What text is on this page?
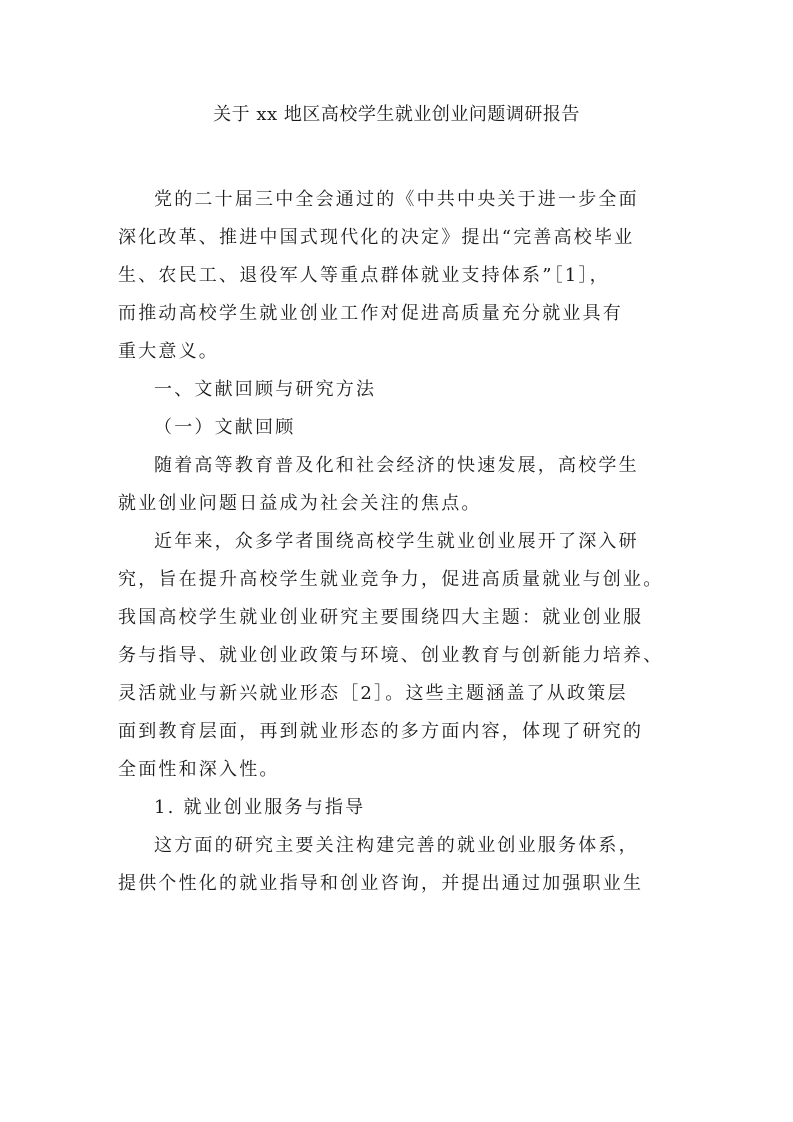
关于 xx 地区高校学生就业创业问题调研报告
党的二十届三中全会通过的《中共中央关于进一步全面
深化改革、推进中国式现代化的决定》提出“完善高校毕业
生、农民工、退役军人等重点群体就业支持体系”［1］，
而推动高校学生就业创业工作对促进高质量充分就业具有
重大意义。
一、文献回顾与研究方法
（一）文献回顾
随着高等教育普及化和社会经济的快速发展，高校学生
就业创业问题日益成为社会关注的焦点。
近年来，众多学者围绕高校学生就业创业展开了深入研
究，旨在提升高校学生就业竞争力，促进高质量就业与创业。
我国高校学生就业创业研究主要围绕四大主题：就业创业服
务与指导、就业创业政策与环境、创业教育与创新能力培养、
灵活就业与新兴就业形态［2］。这些主题涵盖了从政策层
面到教育层面，再到就业形态的多方面内容，体现了研究的
全面性和深入性。
1. 就业创业服务与指导
这方面的研究主要关注构建完善的就业创业服务体系，
提供个性化的就业指导和创业咨询，并提出通过加强职业生
